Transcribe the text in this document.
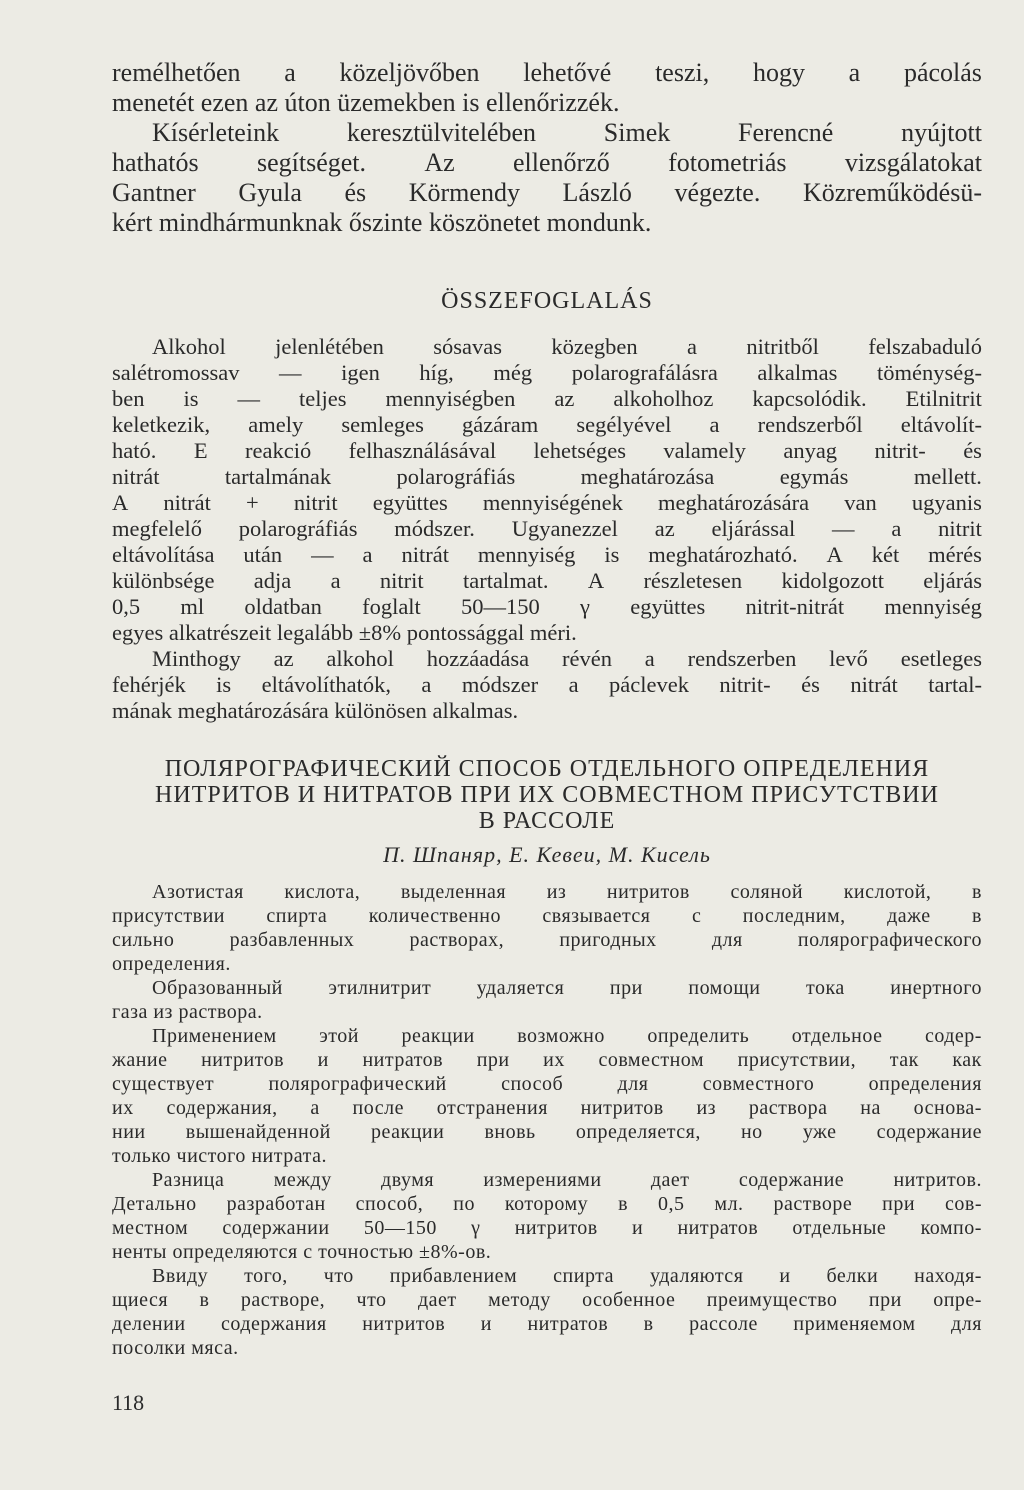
remélhetően a közeljövőben lehetővé teszi, hogy a pácolás
menetét ezen az úton üzemekben is ellenőrizzék.
Kísérleteink	keresztülvitelében	Simek	Ferencné	nyújtott
hathatós segítséget. Az ellenőrző fotometriás vizsgálatokat
Gantner Gyula és Körmendy László végezte. Közreműködésü-
kért mindhármunknak őszinte köszönetet mondunk.
ÖSSZEFOGLALÁS
Alkohol jelenlétében sósavas közegben a nitritből felszabaduló
salétromossav — igen híg, még polarografálásra alkalmas töménység-
ben is — teljes mennyiségben az alkoholhoz kapcsolódik. Etilnitrit
keletkezik, amely semleges gázáram segélyével a rendszerből eltávolít-
ható. E reakció felhasználásával lehetséges valamely anyag nitrit- és
nitrát	tartalmának	polarográfiás	meghatározása	egymás	mellett.
A nitrát + nitrit együttes mennyiségének meghatározására van ugyanis
megfelelő polarográfiás módszer. Ugyanezzel az eljárással — a nitrit
eltávolítása után — a nitrát mennyiség is meghatározható. A két mérés
különbsége adja a nitrit tartalmat. A részletesen kidolgozott eljárás
0,5 ml oldatban foglalt 50—150 γ együttes nitrit-nitrát mennyiség
egyes alkatrészeit legalább ±8% pontossággal méri.
Minthogy az alkohol hozzáadása révén a rendszerben levő esetleges
fehérjék is eltávolíthatók, a módszer a páclevek nitrit- és nitrát tartal-
mának meghatározására különösen alkalmas.
ПОЛЯРОГРАФИЧЕСКИЙ СПОСОБ ОТДЕЛЬНОГО ОПРЕДЕЛЕНИЯ
НИТРИТОВ И НИТРАТОВ ПРИ ИХ СОВМЕСТНОМ ПРИСУТСТВИИ
В РАССОЛЕ
П. Шпаняр, Е. Кевеи, М. Кисель
Азотистая кислота, выделенная из нитритов соляной кислотой, в
присутствии спирта количественно связывается с последним, даже в
сильно	разбавленных	растворах,	пригодных	для	полярографического
определения.
Образованный этилнитрит удаляется при помощи тока инертного
газа из раствора.
Применением этой реакции возможно определить отдельное содер-
жание нитритов и нитратов при их совместном присутствии, так как
существует	полярографический	способ	для	совместного	определения
их содержания, а после отстранения нитритов из раствора на основа-
нии вышенайденной реакции вновь определяется, но уже содержание
только чистого нитрата.
Разница между двумя измерениями дает содержание нитритов.
Детально разработан способ, по которому в 0,5 мл. растворе при сов-
местном содержании 50—150 γ нитритов и нитратов отдельные компо-
ненты определяются с точностью ±8%-ов.
Ввиду того, что прибавлением спирта удаляются и белки находя-
щиеся в растворе, что дает методу особенное преимущество при опре-
делении содержания нитритов и нитратов в рассоле применяемом для
посолки мяса.
118
